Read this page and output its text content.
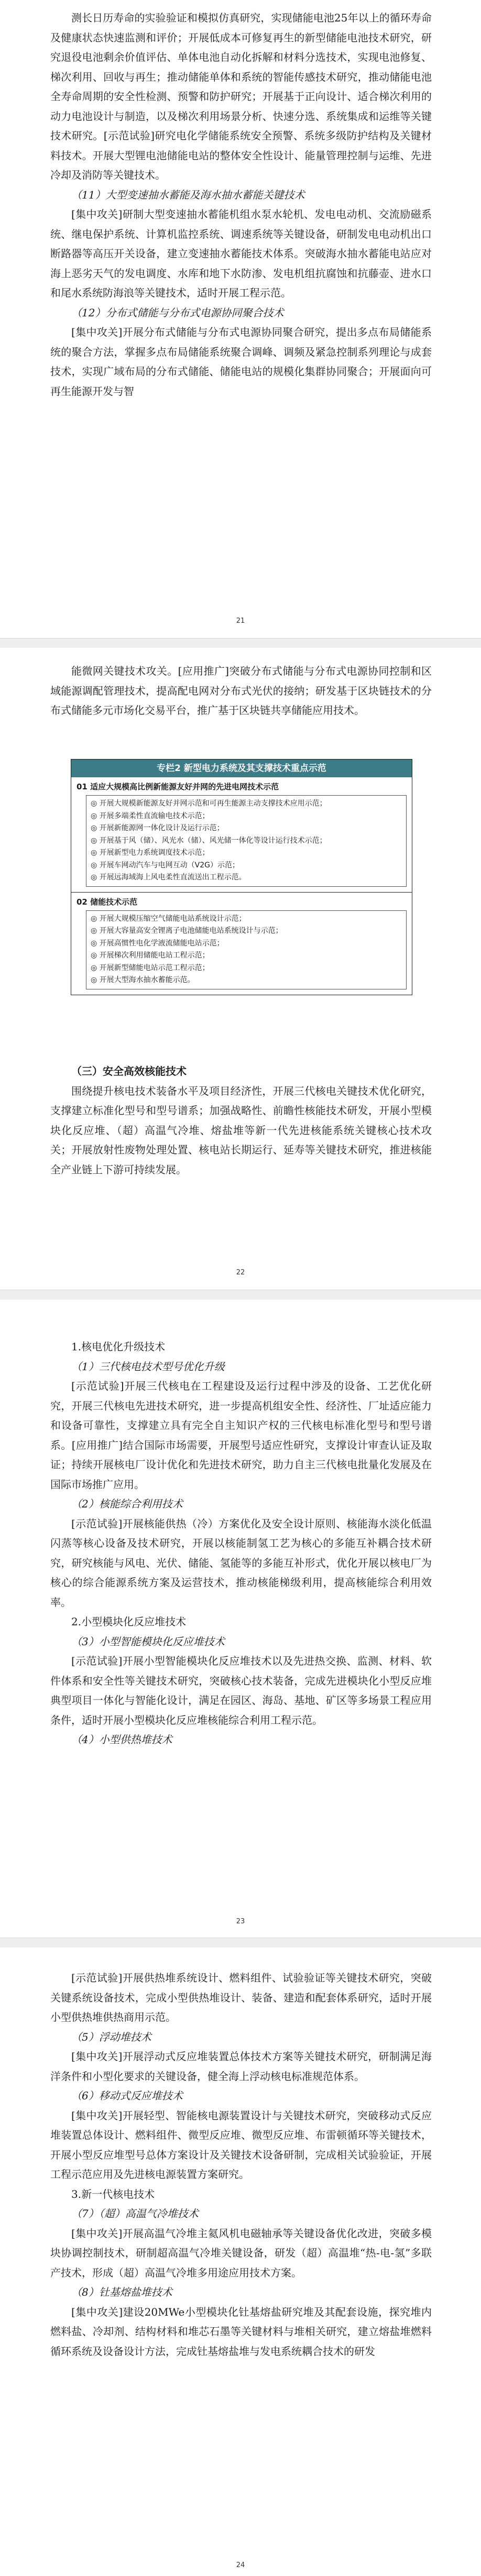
测长日历寿命的实验验证和模拟仿真研究，实现储能电池25年以上的循环寿命及健康状态快速监测和评价；开展低成本可修复再生的新型储能电池技术研究，研究退役电池剩余价值评估、单体电池自动化拆解和材料分选技术，实现电池修复、梯次利用、回收与再生；推动储能单体和系统的智能传感技术研究，推动储能电池全寿命周期的安全性检测、预警和防护研究；开展基于正向设计、适合梯次利用的动力电池设计与制造，以及梯次利用场景分析、快速分选、系统集成和运维等关键技术研究。[示范试验]研究电化学储能系统安全预警、系统多级防护结构及关键材料技术。开展大型锂电池储能电站的整体安全性设计、能量管理控制与运维、先进冷却及消防等关键技术。

（11）大型变速抽水蓄能及海水抽水蓄能关键技术

[集中攻关]研制大型变速抽水蓄能机组水泵水轮机、发电电动机、交流励磁系统、继电保护系统、计算机监控系统、调速系统等关键设备，研制发电电动机出口断路器等高压开关设备，建立变速抽水蓄能技术体系。突破海水抽水蓄能电站应对海上恶劣天气的发电调度、水库和地下水防渗、发电机组抗腐蚀和抗藤壶、进水口和尾水系统防海浪等关键技术，适时开展工程示范。

（12）分布式储能与分布式电源协同聚合技术

[集中攻关]开展分布式储能与分布式电源协同聚合研究，提出多点布局储能系统的聚合方法，掌握多点布局储能系统聚合调峰、调频及紧急控制系列理论与成套技术，实现广域布局的分布式储能、储能电站的规模化集群协同聚合；开展面向可再生能源开发与智

21

能微网关键技术攻关。[应用推广]突破分布式储能与分布式电源协同控制和区域能源调配管理技术，提高配电网对分布式光伏的接纳；研发基于区块链技术的分布式储能多元市场化交易平台，推广基于区块链共享储能应用技术。

专栏2 新型电力系统及其支撑技术重点示范
01 适应大规模高比例新能源友好并网的先进电网技术示范
◎ 开展大规模新能源友好并网示范和可再生能源主动支撑技术应用示范；
◎ 开展多端柔性直流输电技术示范；
◎ 开展新能源网一体化设计及运行示范；
◎ 开展基于风（储）、风光水（储）、风光储一体化等设计运行技术示范；
◎ 开展新型电力系统调度技术示范；
◎ 开展车网动汽车与电网互动（V2G）示范；
◎ 开展远海域海上风电柔性直流送出工程示范。
02 储能技术示范
◎ 开展大规模压缩空气储能电站系统设计示范；
◎ 开展大容量高安全锂离子电池储能电站系统设计与示范；
◎ 开展高惯性电化学液流储能电站示范；
◎ 开展梯次利用储能电站工程示范；
◎ 开展新型储能电站示范工程示范；
◎ 开展大型海水抽水蓄能示范。

（三）安全高效核能技术

围绕提升核电技术装备水平及项目经济性，开展三代核电关键技术优化研究，支撑建立标准化型号和型号谱系；加强战略性、前瞻性核能技术研发，开展小型模块化反应堆、（超）高温气冷堆、熔盐堆等新一代先进核能系统关键核心技术攻关；开展放射性废物处理处置、核电站长期运行、延寿等关键技术研究，推进核能全产业链上下游可持续发展。

22

1.核电优化升级技术

（1）三代核电技术型号优化升级

[示范试验]开展三代核电在工程建设及运行过程中涉及的设备、工艺优化研究，开展三代核电先进技术研究，进一步提高机组安全性、经济性、厂址适应能力和设备可靠性，支撑建立具有完全自主知识产权的三代核电标准化型号和型号谱系。[应用推广]结合国际市场需要，开展型号适应性研究，支撑设计审查认证及取证；持续开展核电厂设计优化和先进技术研究，助力自主三代核电批量化发展及在国际市场推广应用。

（2）核能综合利用技术

[示范试验]开展核能供热（冷）方案优化及安全设计原则、核能海水淡化低温闪蒸等核心设备及技术研究，开展以核能制氢工艺为核心的多能互补耦合技术研究，研究核能与风电、光伏、储能、氢能等的多能互补形式，优化开展以核电厂为核心的综合能源系统方案及运营技术，推动核能梯级利用，提高核能综合利用效率。

2.小型模块化反应堆技术

（3）小型智能模块化反应堆技术

[示范试验]开展小型智能模块化反应堆技术以及先进热交换、监测、材料、软件体系和安全性等关键技术研究，突破核心技术装备，完成先进模块化小型反应堆典型项目一体化与智能化设计，满足在园区、海岛、基地、矿区等多场景工程应用条件，适时开展小型模块化反应堆核能综合利用工程示范。

（4）小型供热堆技术

23

[示范试验]开展供热堆系统设计、燃料组件、试验验证等关键技术研究，突破关键系统设备技术，完成小型供热堆设计、装备、建造和配套体系研究，适时开展小型供热堆供热商用示范。

（5）浮动堆技术

[集中攻关]开展浮动式反应堆装置总体技术方案等关键技术研究，研制满足海洋条件和小型化要求的关键设备，健全海上浮动核电标准规范体系。

（6）移动式反应堆技术

[集中攻关]开展轻型、智能核电源装置设计与关键技术研究，突破移动式反应堆装置总体设计、燃料组件、微型反应堆、微型反应堆、布雷顿循环等关键技术，开展小型反应堆型号总体方案设计及关键技术设备研制，完成相关试验验证，开展工程示范应用及先进核电源装置方案研究。

3.新一代核电技术

（7）（超）高温气冷堆技术

[集中攻关]开展高温气冷堆主氦风机电磁轴承等关键设备优化改进，突破多模块协调控制技术，研制超高温气冷堆关键设备，研发（超）高温堆“热-电-氢”多联产技术，形成（超）高温气冷堆多用途应用技术方案。

（8）钍基熔盐堆技术

[集中攻关]建设20MWe小型模块化钍基熔盐研究堆及其配套设施，探究堆内燃料盐、冷却剂、结构材料和堆芯石墨等关键材料与堆相关研究，建立熔盐堆燃料循环系统及设备设计方法，完成钍基熔盐堆与发电系统耦合技术的研发

24
